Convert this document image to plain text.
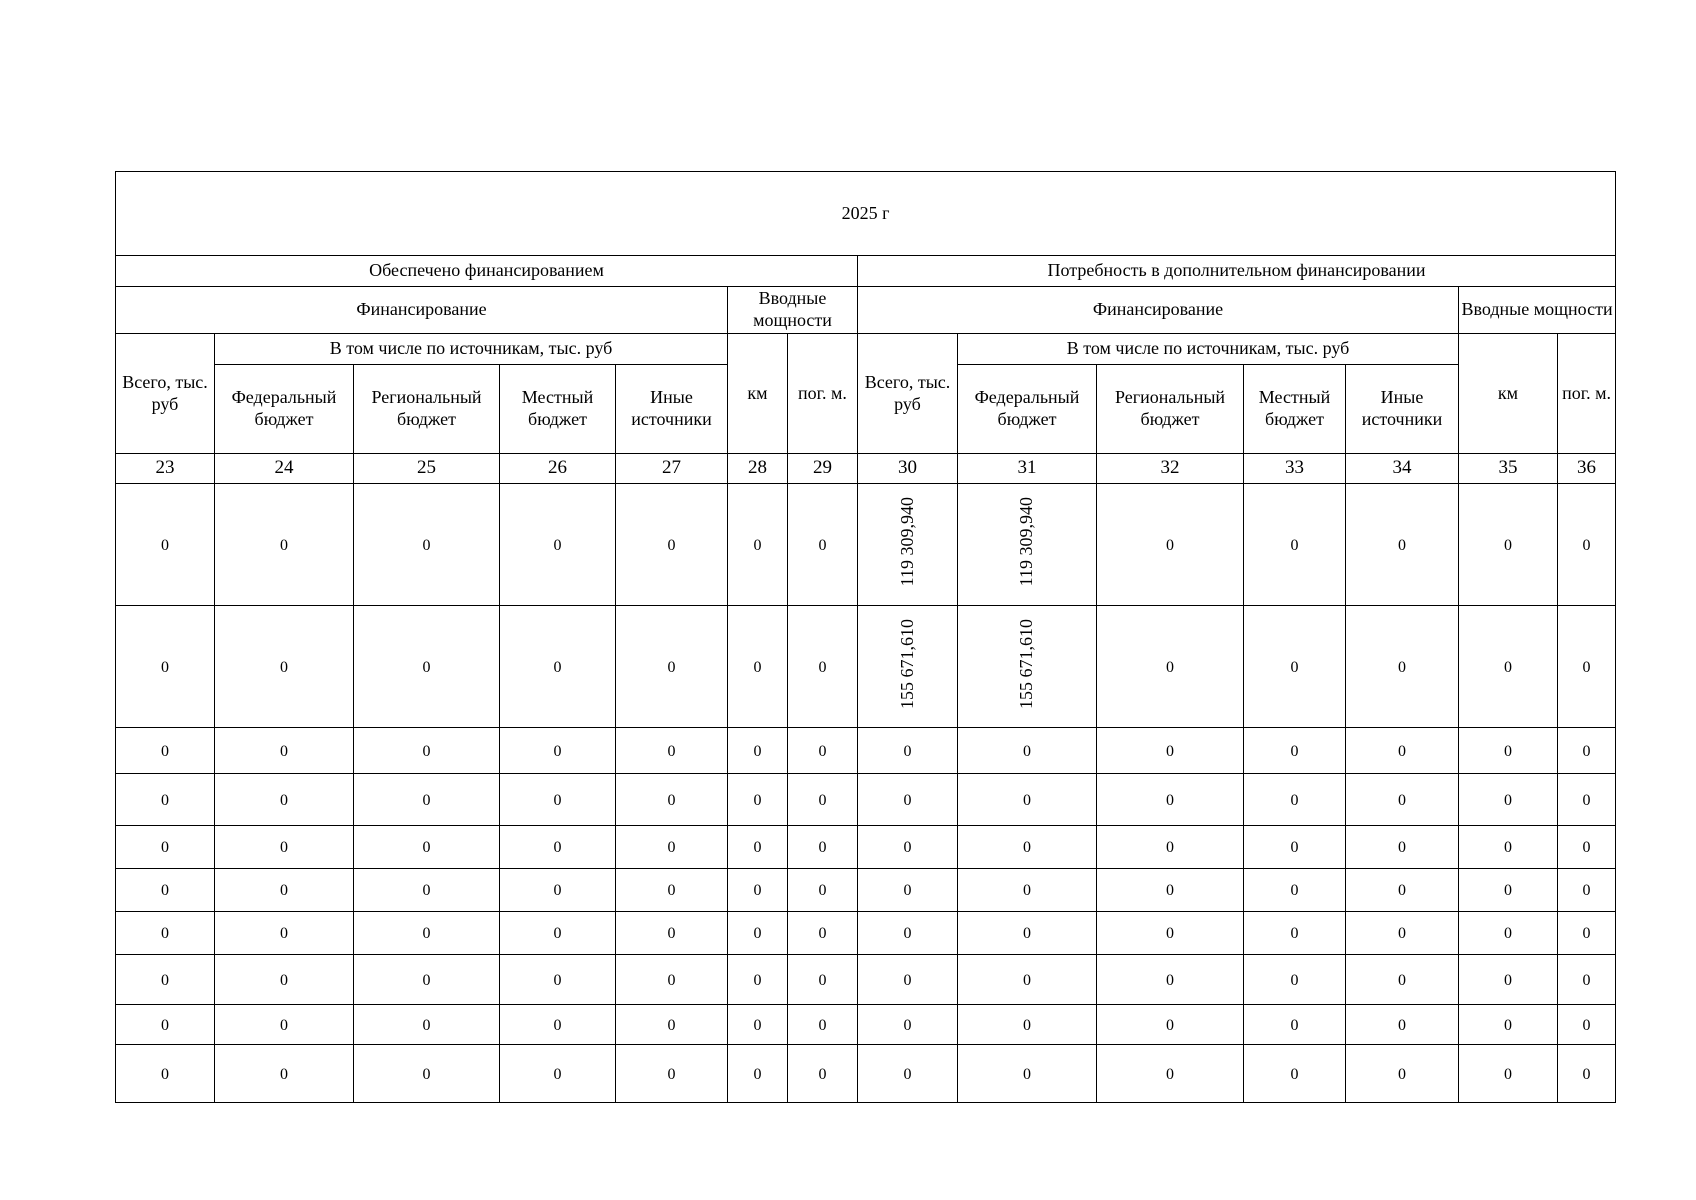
2025 г													
Обеспечено финансированием							Потребность в дополнительном финансировании						
Финансирование					Вводные мощности		Финансирование					Вводные мощности	
Всего, тыс. руб	В том числе по источникам, тыс. руб				км	пог. м.	Всего, тыс. руб	В том числе по источникам, тыс. руб				км	пог. м.
	Федеральный бюджет	Региональный бюджет	Местный бюджет	Иные источники				Федеральный бюджет	Региональный бюджет	Местный бюджет	Иные источники		
23	24	25	26	27	28	29	30	31	32	33	34	35	36
0	0	0	0	0	0	0	119 309,940	119 309,940	0	0	0	0	0
0	0	0	0	0	0	0	155 671,610	155 671,610	0	0	0	0	0
0	0	0	0	0	0	0	0	0	0	0	0	0	0
0	0	0	0	0	0	0	0	0	0	0	0	0	0
0	0	0	0	0	0	0	0	0	0	0	0	0	0
0	0	0	0	0	0	0	0	0	0	0	0	0	0
0	0	0	0	0	0	0	0	0	0	0	0	0	0
0	0	0	0	0	0	0	0	0	0	0	0	0	0
0	0	0	0	0	0	0	0	0	0	0	0	0	0
0	0	0	0	0	0	0	0	0	0	0	0	0	0
